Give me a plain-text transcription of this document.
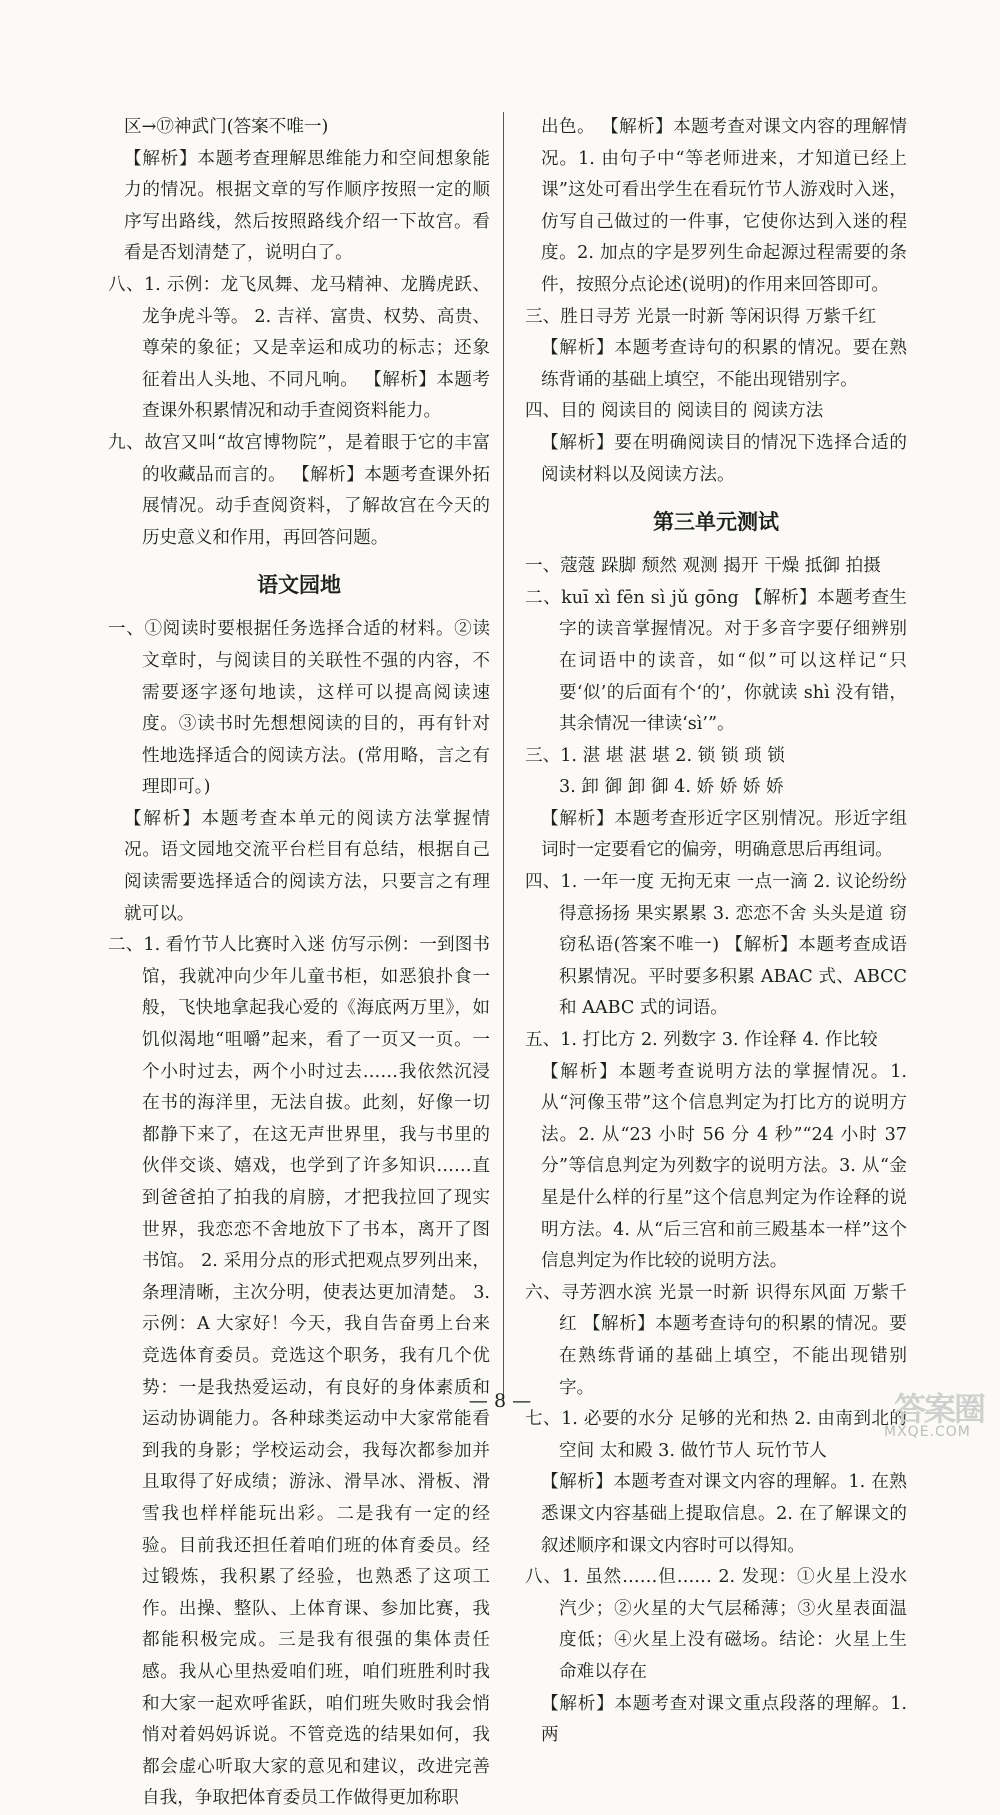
区→⑰神武门(答案不唯一)

【解析】本题考查理解思维能力和空间想象能力的情况。根据文章的写作顺序按照一定的顺序写出路线，然后按照路线介绍一下故宫。看看是否划清楚了，说明白了。

八、1. 示例：龙飞凤舞、龙马精神、龙腾虎跃、龙争虎斗等。 2. 吉祥、富贵、权势、高贵、尊荣的象征；又是幸运和成功的标志；还象征着出人头地、不同凡响。 【解析】本题考查课外积累情况和动手查阅资料能力。

九、故宫又叫“故宫博物院”，是着眼于它的丰富的收藏品而言的。 【解析】本题考查课外拓展情况。动手查阅资料，了解故宫在今天的历史意义和作用，再回答问题。

语文园地

一、①阅读时要根据任务选择合适的材料。②读文章时，与阅读目的关联性不强的内容，不需要逐字逐句地读，这样可以提高阅读速度。③读书时先想想阅读的目的，再有针对性地选择适合的阅读方法。(常用略，言之有理即可。)

【解析】本题考查本单元的阅读方法掌握情况。语文园地交流平台栏目有总结，根据自己阅读需要选择适合的阅读方法，只要言之有理就可以。

二、1. 看竹节人比赛时入迷 仿写示例：一到图书馆，我就冲向少年儿童书柜，如恶狼扑食一般，飞快地拿起我心爱的《海底两万里》，如饥似渴地“咀嚼”起来，看了一页又一页。一个小时过去，两个小时过去……我依然沉浸在书的海洋里，无法自拔。此刻，好像一切都静下来了，在这无声世界里，我与书里的伙伴交谈、嬉戏，也学到了许多知识……直到爸爸拍了拍我的肩膀，才把我拉回了现实世界，我恋恋不舍地放下了书本，离开了图书馆。 2. 采用分点的形式把观点罗列出来，条理清晰，主次分明，使表达更加清楚。 3. 示例：A 大家好！今天，我自告奋勇上台来竞选体育委员。竞选这个职务，我有几个优势：一是我热爱运动，有良好的身体素质和运动协调能力。各种球类运动中大家常能看到我的身影；学校运动会，我每次都参加并且取得了好成绩；游泳、滑旱冰、滑板、滑雪我也样样能玩出彩。二是我有一定的经验。目前我还担任着咱们班的体育委员。经过锻炼，我积累了经验，也熟悉了这项工作。出操、整队、上体育课、参加比赛，我都能积极完成。三是我有很强的集体责任感。我从心里热爱咱们班，咱们班胜利时我和大家一起欢呼雀跃，咱们班失败时我会悄悄对着妈妈诉说。不管竞选的结果如何，我都会虚心听取大家的意见和建议，改进完善自我，争取把体育委员工作做得更加称职

出色。 【解析】本题考查对课文内容的理解情况。1. 由句子中“等老师进来，才知道已经上课”这处可看出学生在看玩竹节人游戏时入迷，仿写自己做过的一件事，它使你达到入迷的程度。2. 加点的字是罗列生命起源过程需要的条件，按照分点论述(说明)的作用来回答即可。

三、胜日寻芳 光景一时新 等闲识得 万紫千红

【解析】本题考查诗句的积累的情况。要在熟练背诵的基础上填空，不能出现错别字。

四、目的 阅读目的 阅读目的 阅读方法

【解析】要在明确阅读目的情况下选择合适的阅读材料以及阅读方法。

第三单元测试

一、蔻蔻 跺脚 颓然 观测 揭开 干燥 抵御 拍摄

二、kuī xì fēn sì jǔ gōng 【解析】本题考查生字的读音掌握情况。对于多音字要仔细辨别在词语中的读音，如“似”可以这样记“只要‘似’的后面有个‘的’，你就读 shì 没有错，其余情况一律读‘sì’”。

三、1. 湛 堪 湛 堪 2. 锁 锁 琐 锁
3. 卸 御 卸 御 4. 娇 娇 娇 娇

【解析】本题考查形近字区别情况。形近字组词时一定要看它的偏旁，明确意思后再组词。

四、1. 一年一度 无拘无束 一点一滴 2. 议论纷纷 得意扬扬 果实累累 3. 恋恋不舍 头头是道 窃窃私语(答案不唯一) 【解析】本题考查成语积累情况。平时要多积累 ABAC 式、ABCC 和 AABC 式的词语。

五、1. 打比方 2. 列数字 3. 作诠释 4. 作比较

【解析】本题考查说明方法的掌握情况。1. 从“河像玉带”这个信息判定为打比方的说明方法。2. 从“23 小时 56 分 4 秒”“24 小时 37 分”等信息判定为列数字的说明方法。3. 从“金星是什么样的行星”这个信息判定为作诠释的说明方法。4. 从“后三宫和前三殿基本一样”这个信息判定为作比较的说明方法。

六、寻芳泗水滨 光景一时新 识得东风面 万紫千红 【解析】本题考查诗句的积累的情况。要在熟练背诵的基础上填空，不能出现错别字。

七、1. 必要的水分 足够的光和热 2. 由南到北的空间 太和殿 3. 做竹节人 玩竹节人

【解析】本题考查对课文内容的理解。1. 在熟悉课文内容基础上提取信息。2. 在了解课文的叙述顺序和课文内容时可以得知。

八、1. 虽然……但…… 2. 发现：①火星上没水汽少；②火星的大气层稀薄；③火星表面温度低；④火星上没有磁场。结论：火星上生命难以存在

【解析】本题考查对课文重点段落的理解。1. 两

— 8 —	答案圈
MXQE.COM
